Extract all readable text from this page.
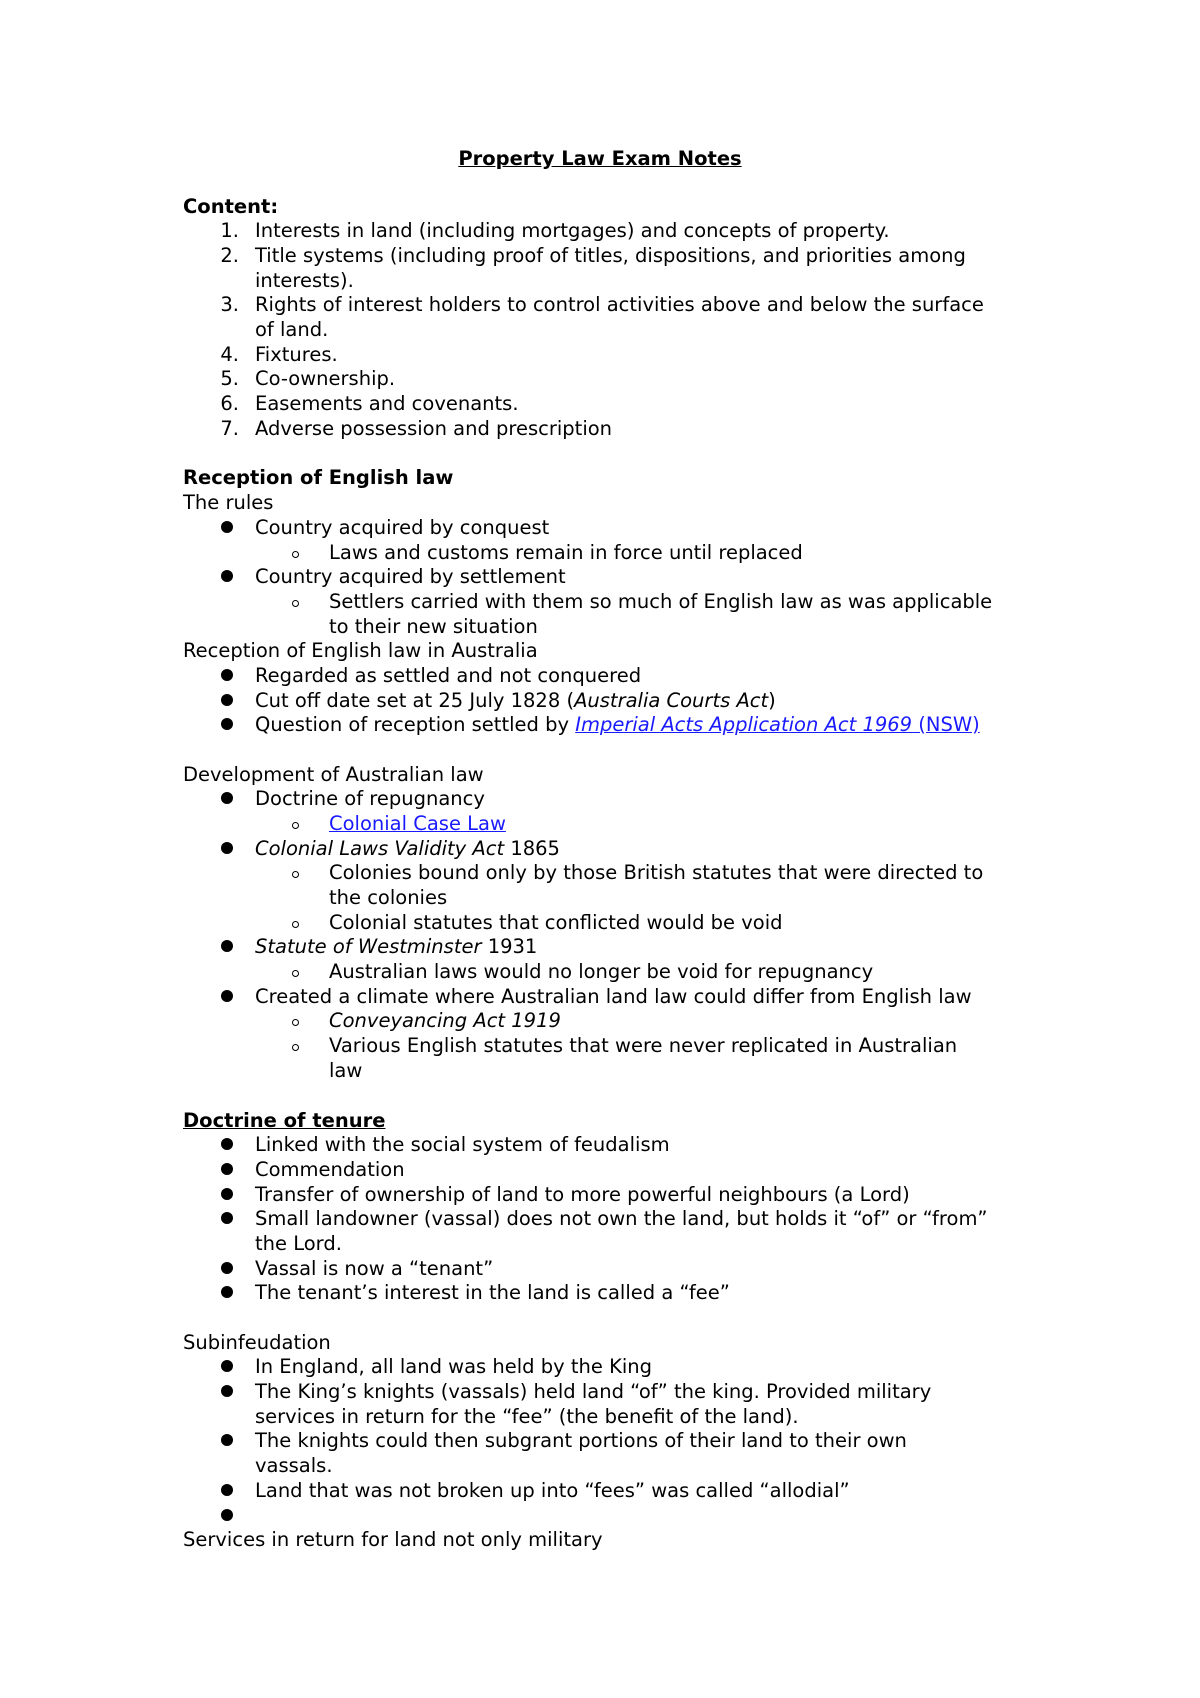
Property Law Exam Notes
Content:
1. Interests in land (including mortgages) and concepts of property.
2. Title systems (including proof of titles, dispositions, and priorities among
interests).
3. Rights of interest holders to control activities above and below the surface
of land.
4. Fixtures.
5. Co-ownership.
6. Easements and covenants.
7. Adverse possession and prescription
Reception of English law
The rules
Country acquired by conquest
Laws and customs remain in force until replaced
Country acquired by settlement
Settlers carried with them so much of English law as was applicable
to their new situation
Reception of English law in Australia
Regarded as settled and not conquered
Cut off date set at 25 July 1828 (Australia Courts Act)
Question of reception settled by Imperial Acts Application Act 1969 (NSW)
Development of Australian law
Doctrine of repugnancy
Colonial Case Law
Colonial Laws Validity Act 1865
Colonies bound only by those British statutes that were directed to
the colonies
Colonial statutes that conflicted would be void
Statute of Westminster 1931
Australian laws would no longer be void for repugnancy
Created a climate where Australian land law could differ from English law
Conveyancing Act 1919
Various English statutes that were never replicated in Australian
law
Doctrine of tenure
Linked with the social system of feudalism
Commendation
Transfer of ownership of land to more powerful neighbours (a Lord)
Small landowner (vassal) does not own the land, but holds it “of” or “from”
the Lord.
Vassal is now a “tenant”
The tenant’s interest in the land is called a “fee”
Subinfeudation
In England, all land was held by the King
The King’s knights (vassals) held land “of” the king. Provided military
services in return for the “fee” (the benefit of the land).
The knights could then subgrant portions of their land to their own
vassals.
Land that was not broken up into “fees” was called “allodial”
Services in return for land not only military
